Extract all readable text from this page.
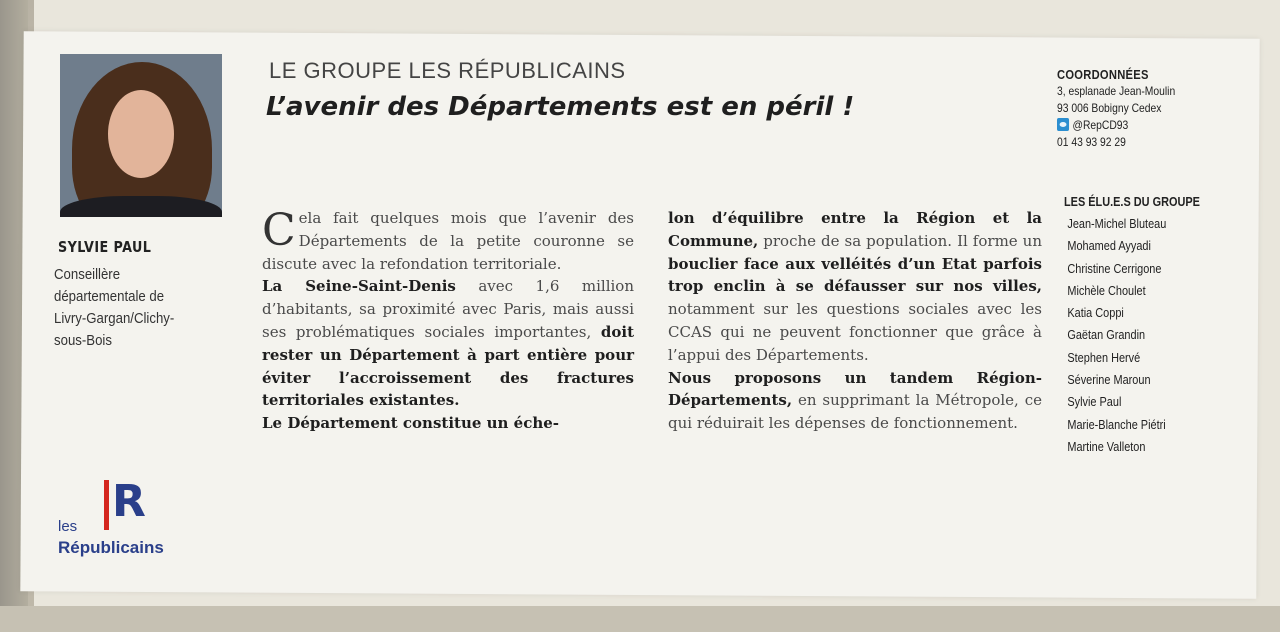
SYLVIE PAUL
Conseillère
départementale de
Livry-Gargan/Clichy-
sous-Bois
R
les
Républicains
LE GROUPE LES RÉPUBLICAINS
L’avenir des Départements est en péril !

Cela fait quelques mois que l’avenir des Départements de la petite couronne se discute avec la refondation territoriale.

La Seine-Saint-Denis avec 1,6 million d’habitants, sa proximité avec Paris, mais aussi ses problématiques sociales importantes, doit rester un Département à part entière pour éviter l’accroissement des fractures territoriales existantes.

Le Département constitue un éche-

lon d’équilibre entre la Région et la Commune, proche de sa population. Il forme un bouclier face aux velléités d’un Etat parfois trop enclin à se défausser sur nos villes, notamment sur les questions sociales avec les CCAS qui ne peuvent fonctionner que grâce à l’appui des Départements.

Nous proposons un tandem Région-Départements, en supprimant la Métropole, ce qui réduirait les dépenses de fonctionnement.

COORDONNÉES
3, esplanade Jean-Moulin
93 006 Bobigny Cedex
@RepCD93
01 43 93 92 29
LES ÉLU.E.S DU GROUPE
Jean-Michel Bluteau
Mohamed Ayyadi
Christine Cerrigone
Michèle Choulet
Katia Coppi
Gaëtan Grandin
Stephen Hervé
Séverine Maroun
Sylvie Paul
Marie-Blanche Piétri
Martine Valleton
